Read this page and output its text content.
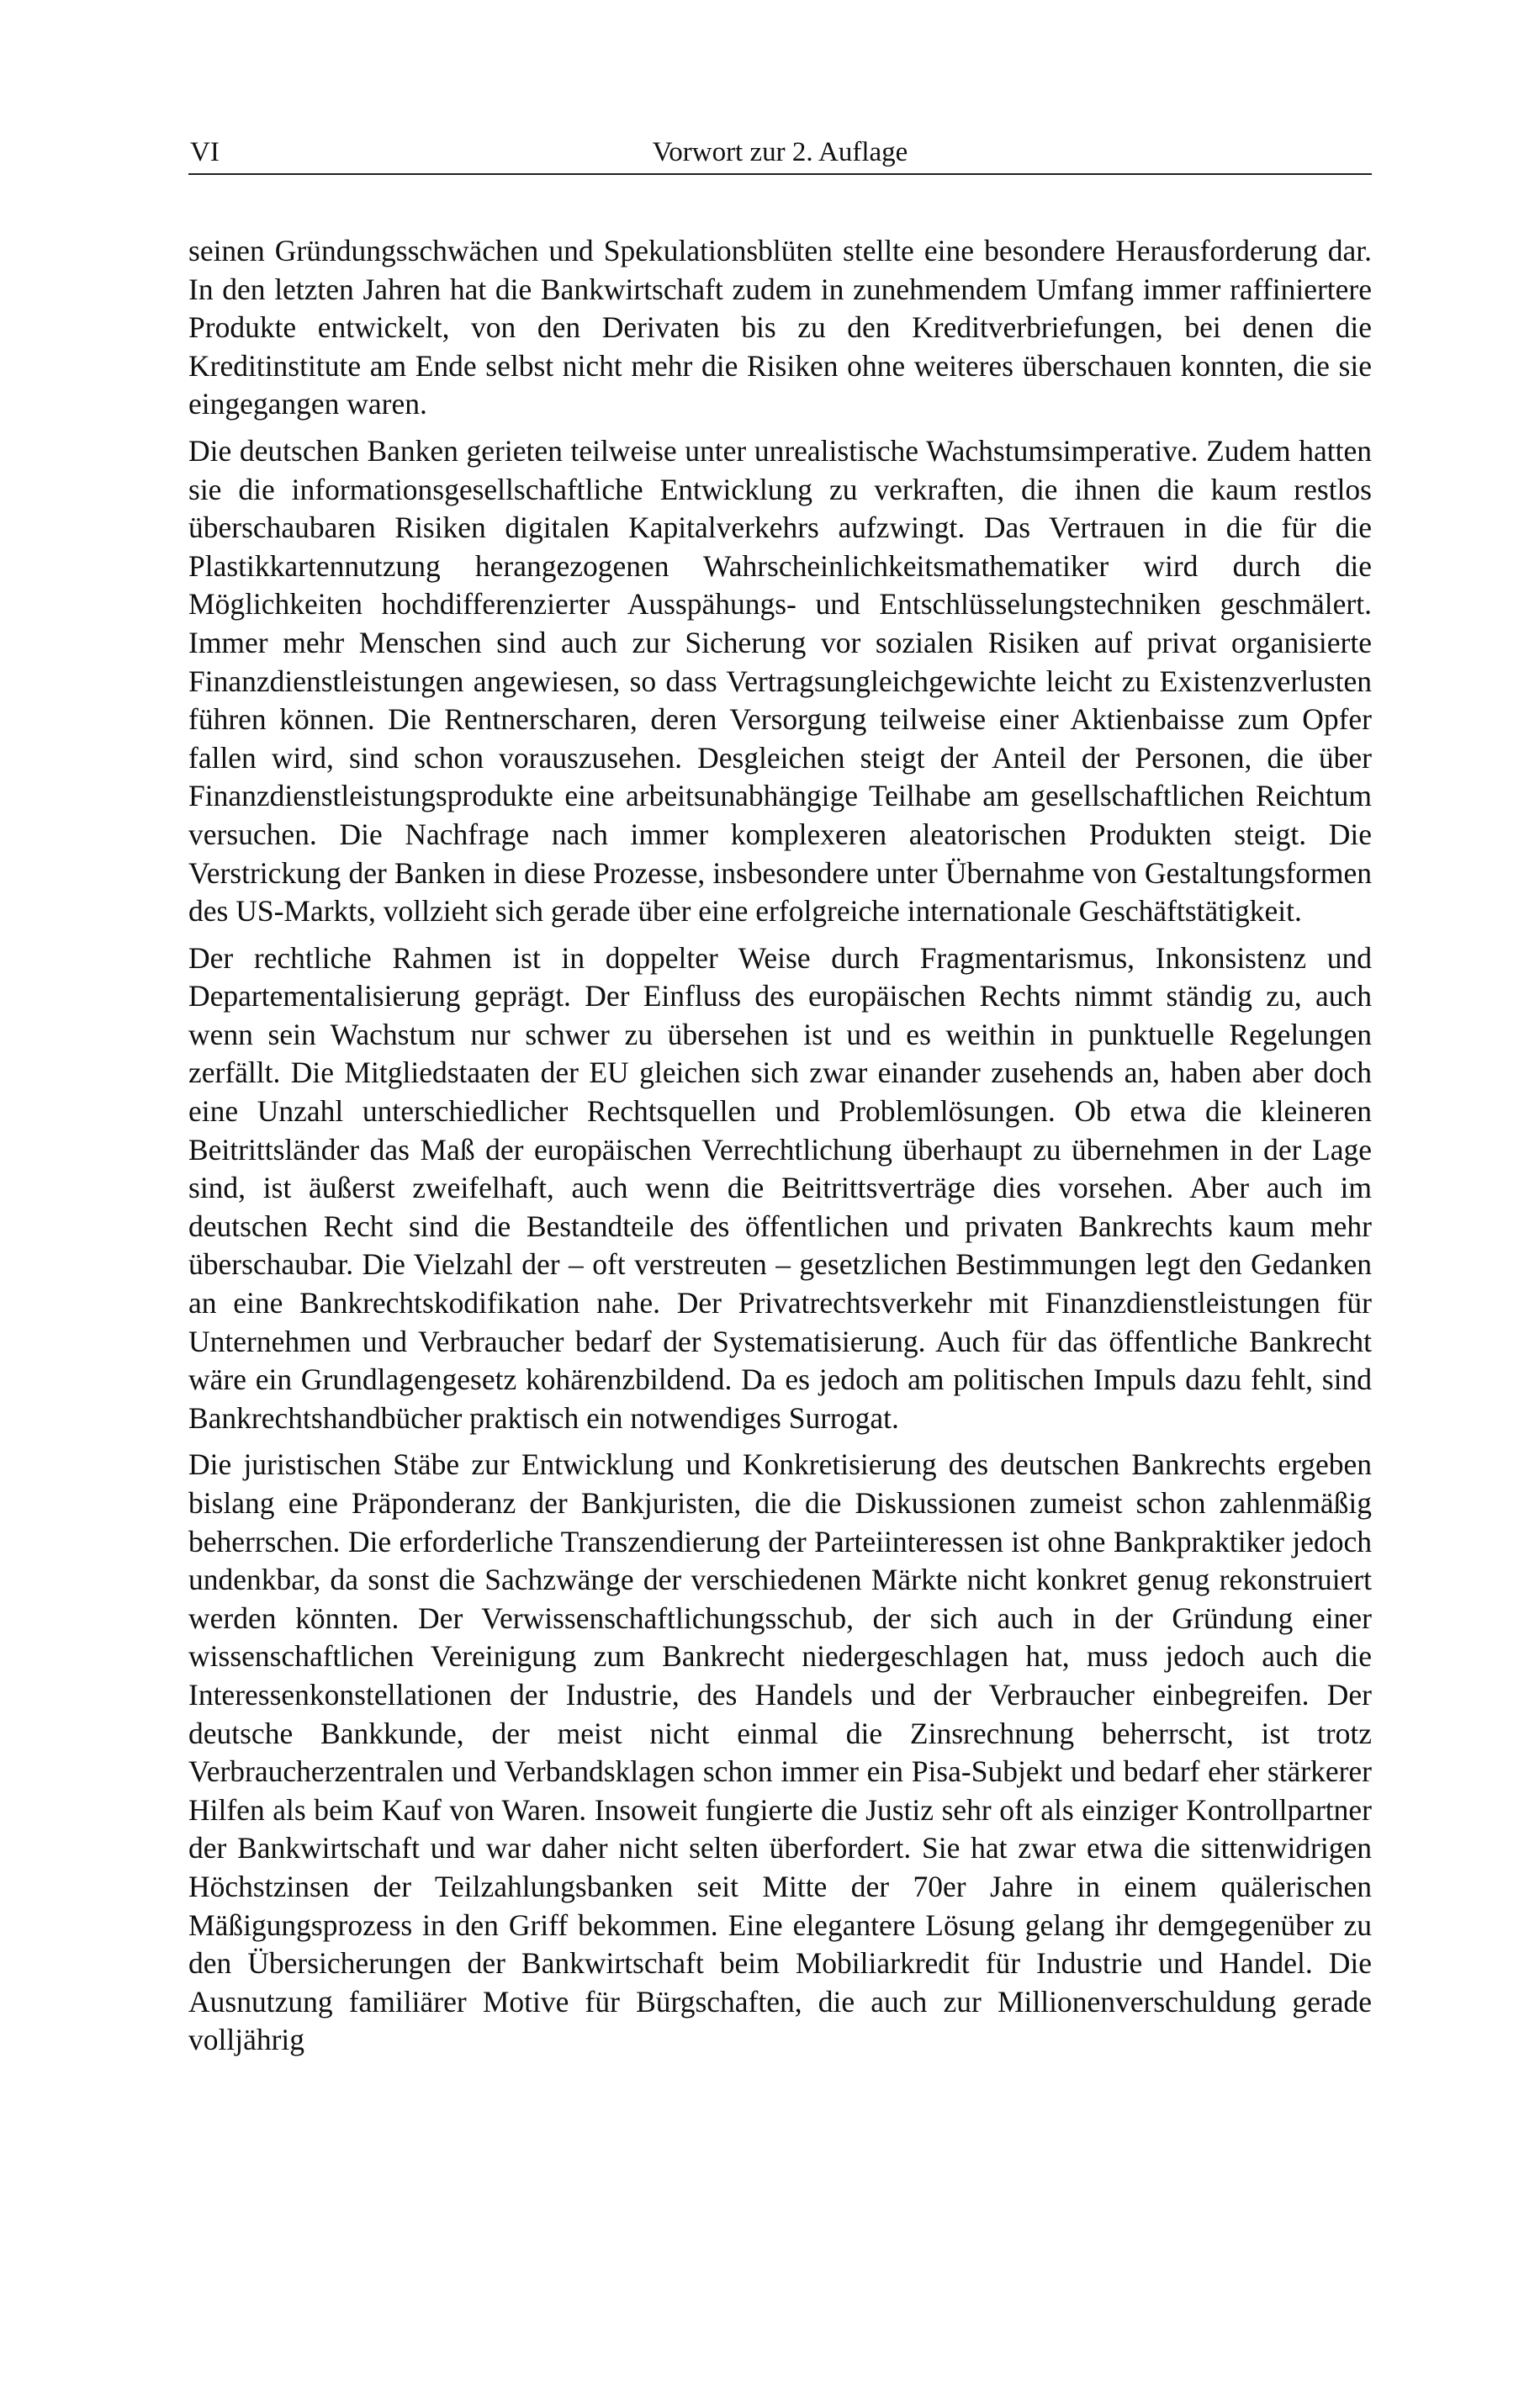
VI	Vorwort zur 2. Auflage

seinen Gründungsschwächen und Spekulationsblüten stellte eine besondere Herausforderung dar. In den letzten Jahren hat die Bankwirtschaft zudem in zunehmendem Umfang immer raffiniertere Produkte entwickelt, von den Derivaten bis zu den Kreditverbriefungen, bei denen die Kreditinstitute am Ende selbst nicht mehr die Risiken ohne weiteres überschauen konnten, die sie eingegangen waren.

Die deutschen Banken gerieten teilweise unter unrealistische Wachstumsimperative. Zudem hatten sie die informationsgesellschaftliche Entwicklung zu verkraften, die ihnen die kaum restlos überschaubaren Risiken digitalen Kapitalverkehrs aufzwingt. Das Vertrauen in die für die Plastikkartennutzung herangezogenen Wahrscheinlichkeitsmathematiker wird durch die Möglichkeiten hochdifferenzierter Ausspähungs- und Entschlüsselungstechniken geschmälert. Immer mehr Menschen sind auch zur Sicherung vor sozialen Risiken auf privat organisierte Finanzdienstleistungen angewiesen, so dass Vertragsungleichgewichte leicht zu Existenzverlusten führen können. Die Rentnerscharen, deren Versorgung teilweise einer Aktienbaisse zum Opfer fallen wird, sind schon vorauszusehen. Desgleichen steigt der Anteil der Personen, die über Finanzdienstleistungsprodukte eine arbeitsunabhängige Teilhabe am gesellschaftlichen Reichtum versuchen. Die Nachfrage nach immer komplexeren aleatorischen Produkten steigt. Die Verstrickung der Banken in diese Prozesse, insbesondere unter Übernahme von Gestaltungsformen des US-Markts, vollzieht sich gerade über eine erfolgreiche internationale Geschäftstätigkeit.

Der rechtliche Rahmen ist in doppelter Weise durch Fragmentarismus, Inkonsistenz und Departementalisierung geprägt. Der Einfluss des europäischen Rechts nimmt ständig zu, auch wenn sein Wachstum nur schwer zu übersehen ist und es weithin in punktuelle Regelungen zerfällt. Die Mitgliedstaaten der EU gleichen sich zwar einander zusehends an, haben aber doch eine Unzahl unterschiedlicher Rechtsquellen und Problemlösungen. Ob etwa die kleineren Beitrittsländer das Maß der europäischen Verrechtlichung überhaupt zu übernehmen in der Lage sind, ist äußerst zweifelhaft, auch wenn die Beitrittsverträge dies vorsehen. Aber auch im deutschen Recht sind die Bestandteile des öffentlichen und privaten Bankrechts kaum mehr überschaubar. Die Vielzahl der – oft verstreuten – gesetzlichen Bestimmungen legt den Gedanken an eine Bankrechtskodifikation nahe. Der Privatrechtsverkehr mit Finanzdienstleistungen für Unternehmen und Verbraucher bedarf der Systematisierung. Auch für das öffentliche Bankrecht wäre ein Grundlagengesetz kohärenzbildend. Da es jedoch am politischen Impuls dazu fehlt, sind Bankrechtshandbücher praktisch ein notwendiges Surrogat.

Die juristischen Stäbe zur Entwicklung und Konkretisierung des deutschen Bankrechts ergeben bislang eine Präponderanz der Bankjuristen, die die Diskussionen zumeist schon zahlenmäßig beherrschen. Die erforderliche Transzendierung der Parteiinteressen ist ohne Bankpraktiker jedoch undenkbar, da sonst die Sachzwänge der verschiedenen Märkte nicht konkret genug rekonstruiert werden könnten. Der Verwissenschaftlichungsschub, der sich auch in der Gründung einer wissenschaftlichen Vereinigung zum Bankrecht niedergeschlagen hat, muss jedoch auch die Interessenkonstellationen der Industrie, des Handels und der Verbraucher einbegreifen. Der deutsche Bankkunde, der meist nicht einmal die Zinsrechnung beherrscht, ist trotz Verbraucherzentralen und Verbandsklagen schon immer ein Pisa-Subjekt und bedarf eher stärkerer Hilfen als beim Kauf von Waren. Insoweit fungierte die Justiz sehr oft als einziger Kontrollpartner der Bankwirtschaft und war daher nicht selten überfordert. Sie hat zwar etwa die sittenwidrigen Höchstzinsen der Teilzahlungsbanken seit Mitte der 70er Jahre in einem quälerischen Mäßigungsprozess in den Griff bekommen. Eine elegantere Lösung gelang ihr demgegenüber zu den Übersicherungen der Bankwirtschaft beim Mobiliarkredit für Industrie und Handel. Die Ausnutzung familiärer Motive für Bürgschaften, die auch zur Millionenverschuldung gerade volljährig
